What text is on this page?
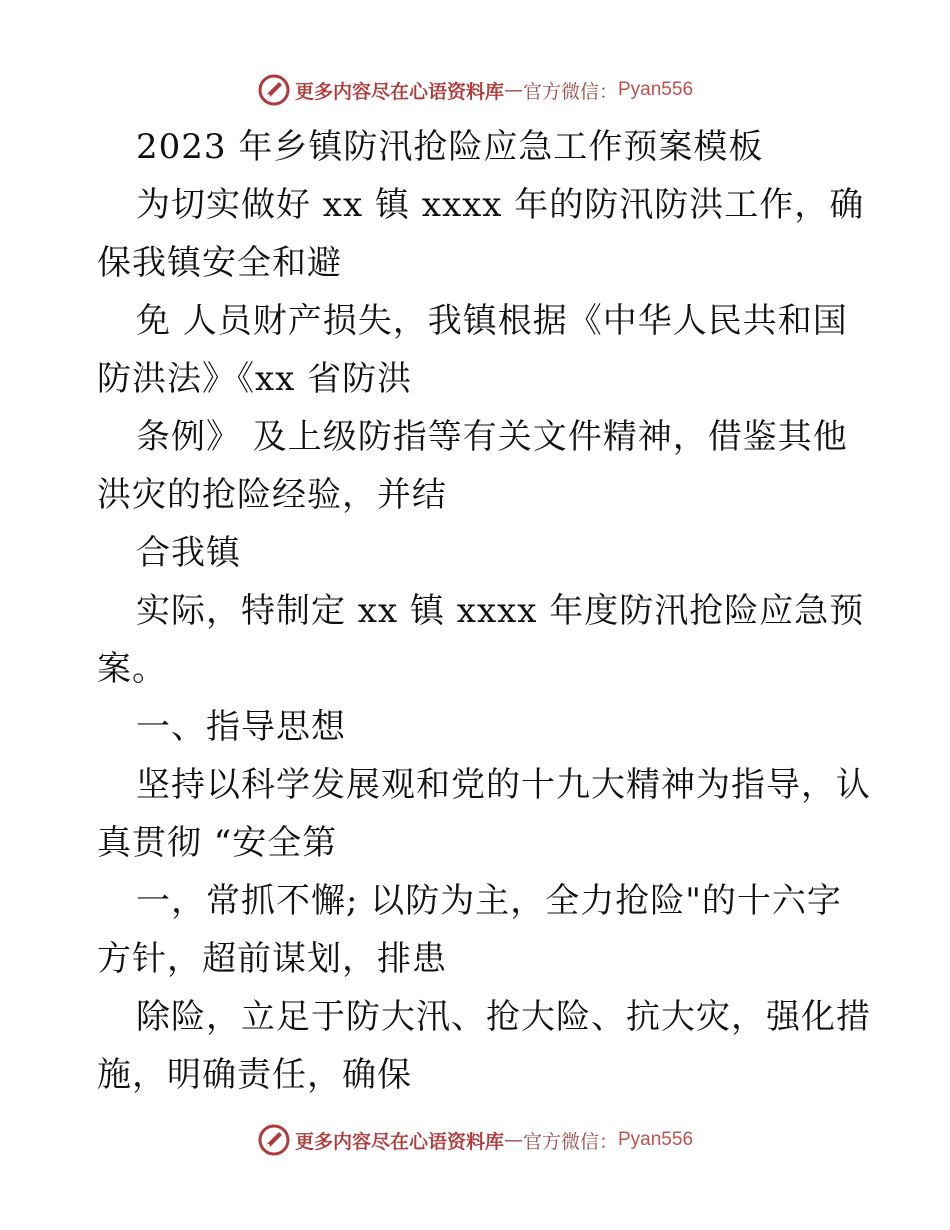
更多内容尽在心语资料库 — 官方微信： Pyan556
2023 年乡镇防汛抢险应急工作预案模板
为切实做好 xx 镇 xxxx 年的防汛防洪工作，确
保我镇安全和避
免 人员财产损失，我镇根据《中华人民共和国
防洪法》《xx 省防洪
条例》 及上级防指等有关文件精神，借鉴其他
洪灾的抢险经验，并结
合我镇
实际，特制定 xx 镇 xxxx 年度防汛抢险应急预
案。
一、指导思想
坚持以科学发展观和党的十九大精神为指导，认
真贯彻 “安全第
一，常抓不懈; 以防为主，全力抢险"的十六字
方针，超前谋划，排患
除险，立足于防大汛、抢大险、抗大灾，强化措
施，明确责任，确保
更多内容尽在心语资料库 — 官方微信： Pyan556
